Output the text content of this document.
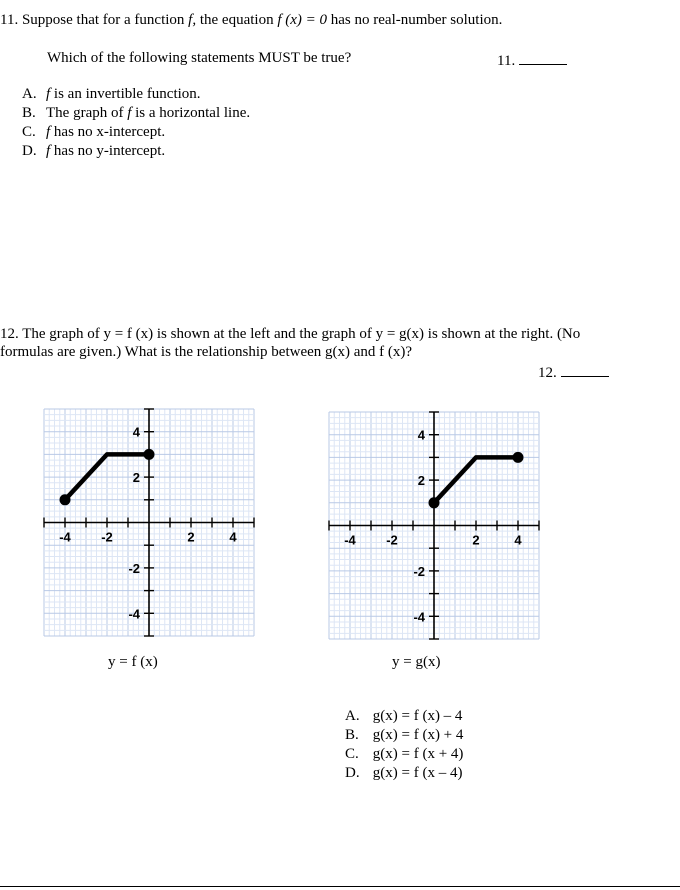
11. Suppose that for a function f, the equation f (x) = 0 has no real-number solution.
Which of the following statements MUST be true?	11.
A. f is an invertible function.
B. The graph of f is a horizontal line.
C. f has no x-intercept.
D. f has no y-intercept.
12. The graph of y = f (x) is shown at the left and the graph of y = g(x) is shown at the right. (No
formulas are given.) What is the relationship between g(x) and f (x)?
12.
-4 -2	2	4
4
2
-2
-4
-4 -2	2	4
4
2
-2
-4
y = f (x)	y = g(x)
A. g(x) = f (x) – 4
B. g(x) = f (x) + 4
C. g(x) = f (x + 4)
D. g(x) = f (x – 4)
